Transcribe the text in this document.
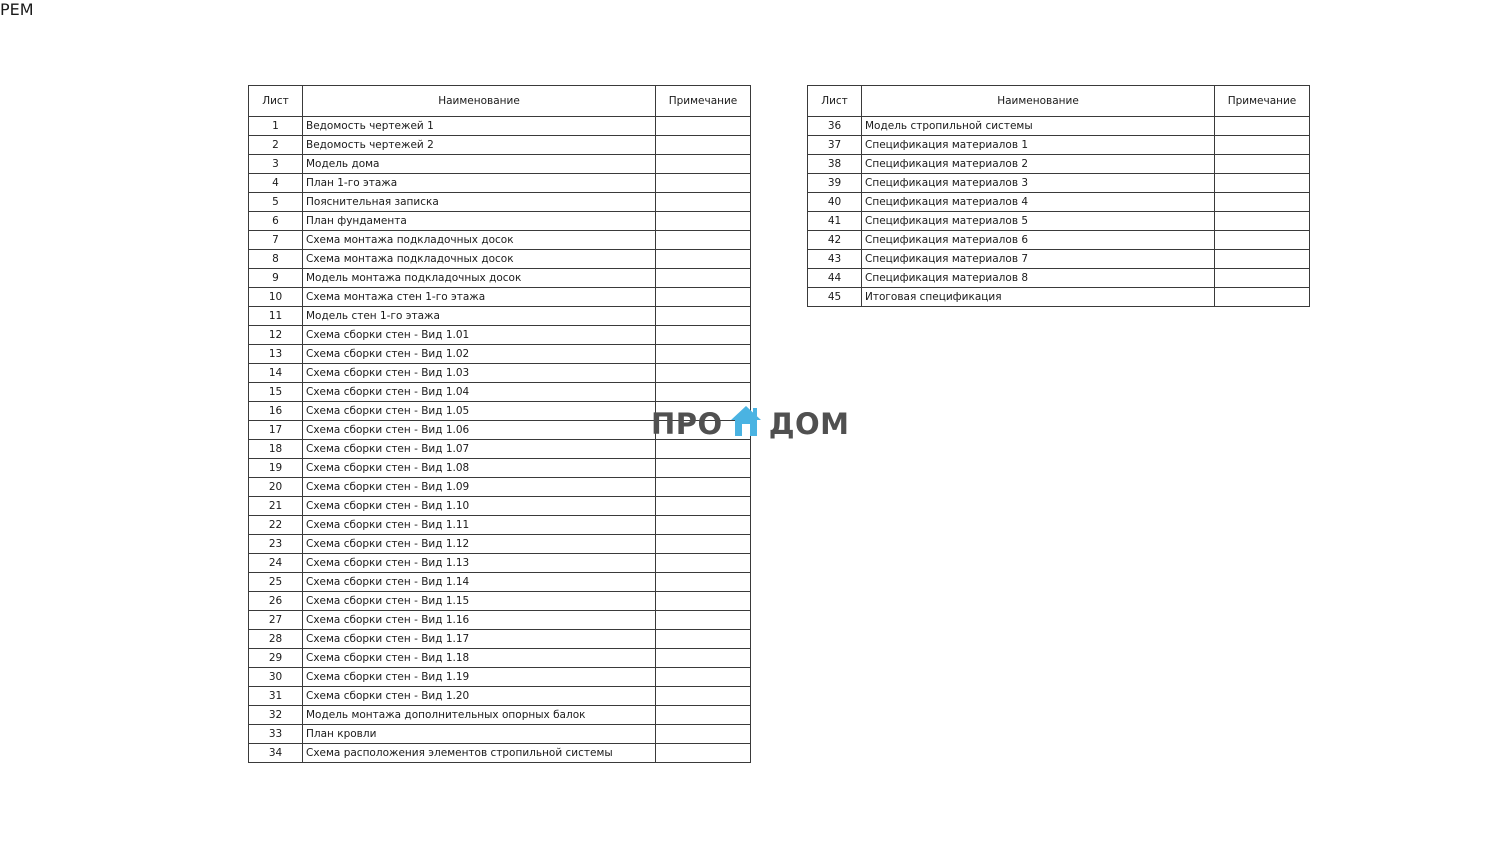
Лист	Наименование	Примечание
1	Ведомость чертежей 1	
2	Ведомость чертежей 2	
3	Модель дома	
4	План 1-го этажа	
5	Пояснительная записка	
6	План фундамента	
7	Схема монтажа подкладочных досок	
8	Схема монтажа подкладочных досок	
9	Модель монтажа подкладочных досок	
10	Схема монтажа стен 1-го этажа	
11	Модель стен 1-го этажа	
12	Схема сборки стен - Вид 1.01	
13	Схема сборки стен - Вид 1.02	
14	Схема сборки стен - Вид 1.03	
15	Схема сборки стен - Вид 1.04	
16	Схема сборки стен - Вид 1.05	
17	Схема сборки стен - Вид 1.06	
18	Схема сборки стен - Вид 1.07	
19	Схема сборки стен - Вид 1.08	
20	Схема сборки стен - Вид 1.09	
21	Схема сборки стен - Вид 1.10	
22	Схема сборки стен - Вид 1.11	
23	Схема сборки стен - Вид 1.12	
24	Схема сборки стен - Вид 1.13	
25	Схема сборки стен - Вид 1.14	
26	Схема сборки стен - Вид 1.15	
27	Схема сборки стен - Вид 1.16	
28	Схема сборки стен - Вид 1.17	
29	Схема сборки стен - Вид 1.18	
30	Схема сборки стен - Вид 1.19	
31	Схема сборки стен - Вид 1.20	
32	Модель монтажа дополнительных опорных балок	
33	План кровли	
34	Схема расположения элементов стропильной системы	
Лист	Наименование	Примечание
36	Модель стропильной системы	
37	Спецификация материалов 1	
38	Спецификация материалов 2	
39	Спецификация материалов 3	
40	Спецификация материалов 4	
41	Спецификация материалов 5	
42	Спецификация материалов 6	
43	Спецификация материалов 7	
44	Спецификация материалов 8	
45	Итоговая спецификация	
ПРО ДОМ
РЕМ
